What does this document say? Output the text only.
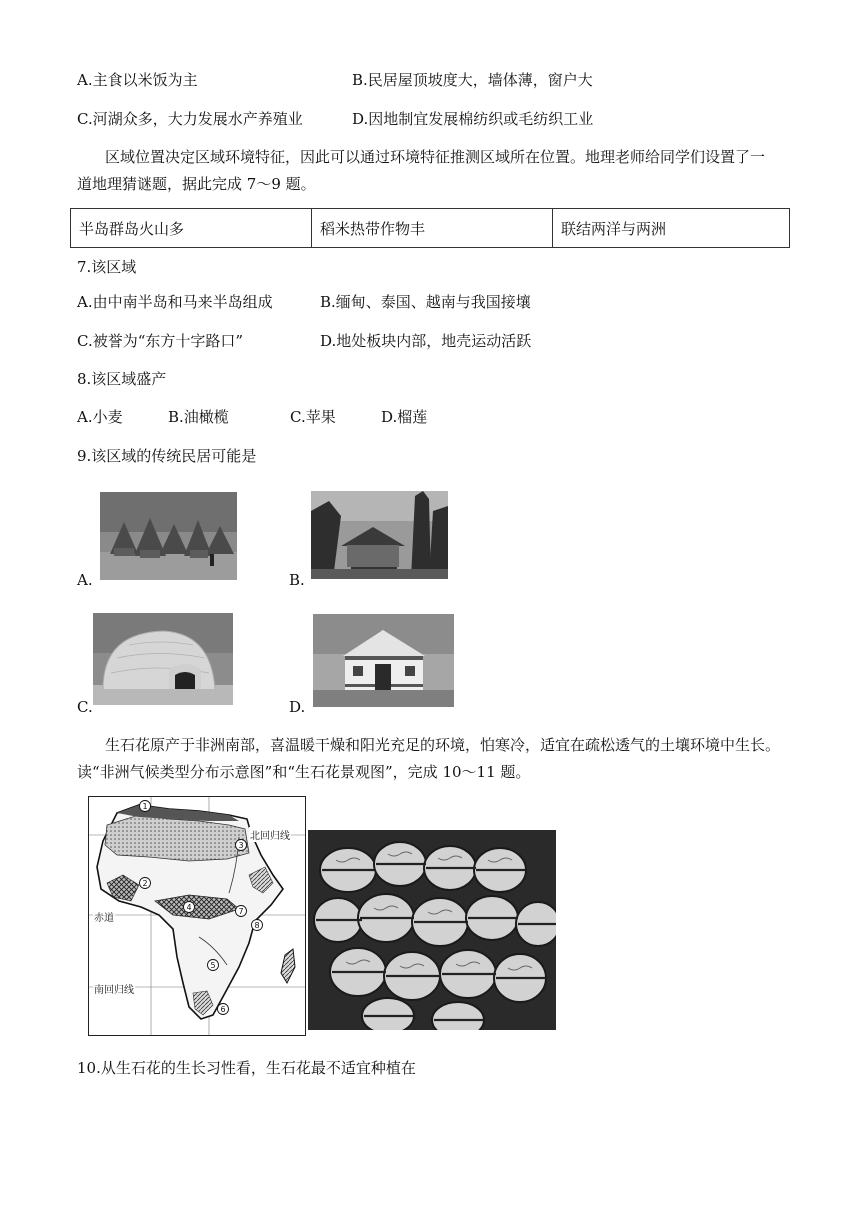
A.主食以米饭为主	B.民居屋顶坡度大，墙体薄，窗户大
C.河湖众多，大力发展水产养殖业	D.因地制宜发展棉纺织或毛纺织工业
区域位置决定区域环境特征，因此可以通过环境特征推测区域所在位置。地理老师给同学们设置了一
道地理猜谜题，据此完成 7～9 题。
半岛群岛火山多	稻米热带作物丰	联结两洋与两洲
7.该区域
A.由中南半岛和马来半岛组成	B.缅甸、泰国、越南与我国接壤
C.被誉为“东方十字路口”	D.地处板块内部，地壳运动活跃
8.该区域盛产
A.小麦	B.油橄榄	C.苹果	D.榴莲
9.该区域的传统民居可能是
A.	B.
C.	D.
生石花原产于非洲南部，喜温暖干燥和阳光充足的环境，怕寒冷，适宜在疏松透气的土壤环境中生长。
读“非洲气候类型分布示意图”和“生石花景观图”，完成 10～11 题。
1
2
3
4
5
6
7
8
北回归线
赤道
南回归线
10.从生石花的生长习性看，生石花最不适宜种植在
